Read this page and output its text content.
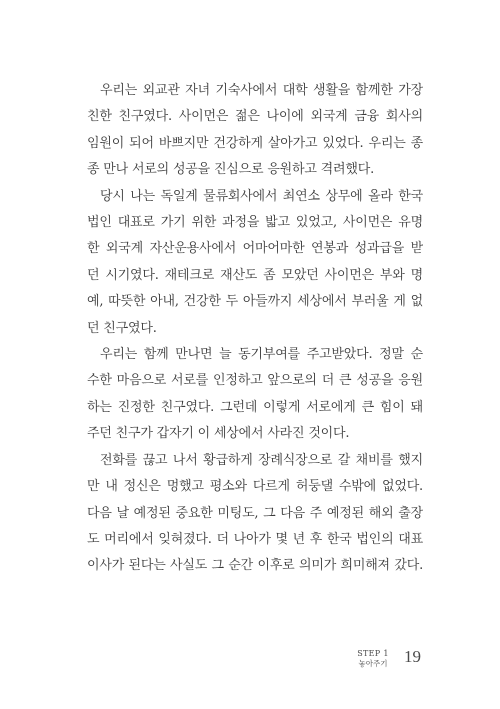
우리는 외교관 자녀 기숙사에서 대학 생활을 함께한 가장
친한 친구였다. 사이먼은 젊은 나이에 외국계 금융 회사의
임원이 되어 바쁘지만 건강하게 살아가고 있었다. 우리는 종
종 만나 서로의 성공을 진심으로 응원하고 격려했다.

당시 나는 독일계 물류회사에서 최연소 상무에 올라 한국
법인 대표로 가기 위한 과정을 밟고 있었고, 사이먼은 유명
한 외국계 자산운용사에서 어마어마한 연봉과 성과급을 받
던 시기였다. 재테크로 재산도 좀 모았던 사이먼은 부와 명
예, 따뜻한 아내, 건강한 두 아들까지 세상에서 부러울 게 없
던 친구였다.

우리는 함께 만나면 늘 동기부여를 주고받았다. 정말 순
수한 마음으로 서로를 인정하고 앞으로의 더 큰 성공을 응원
하는 진정한 친구였다. 그런데 이렇게 서로에게 큰 힘이 돼
주던 친구가 갑자기 이 세상에서 사라진 것이다.

전화를 끊고 나서 황급하게 장례식장으로 갈 채비를 했지
만 내 정신은 멍했고 평소와 다르게 허둥댈 수밖에 없었다.
다음 날 예정된 중요한 미팅도, 그 다음 주 예정된 해외 출장
도 머리에서 잊혀졌다. 더 나아가 몇 년 후 한국 법인의 대표
이사가 된다는 사실도 그 순간 이후로 의미가 희미해져 갔다.

STEP 1
놓아주기 19
